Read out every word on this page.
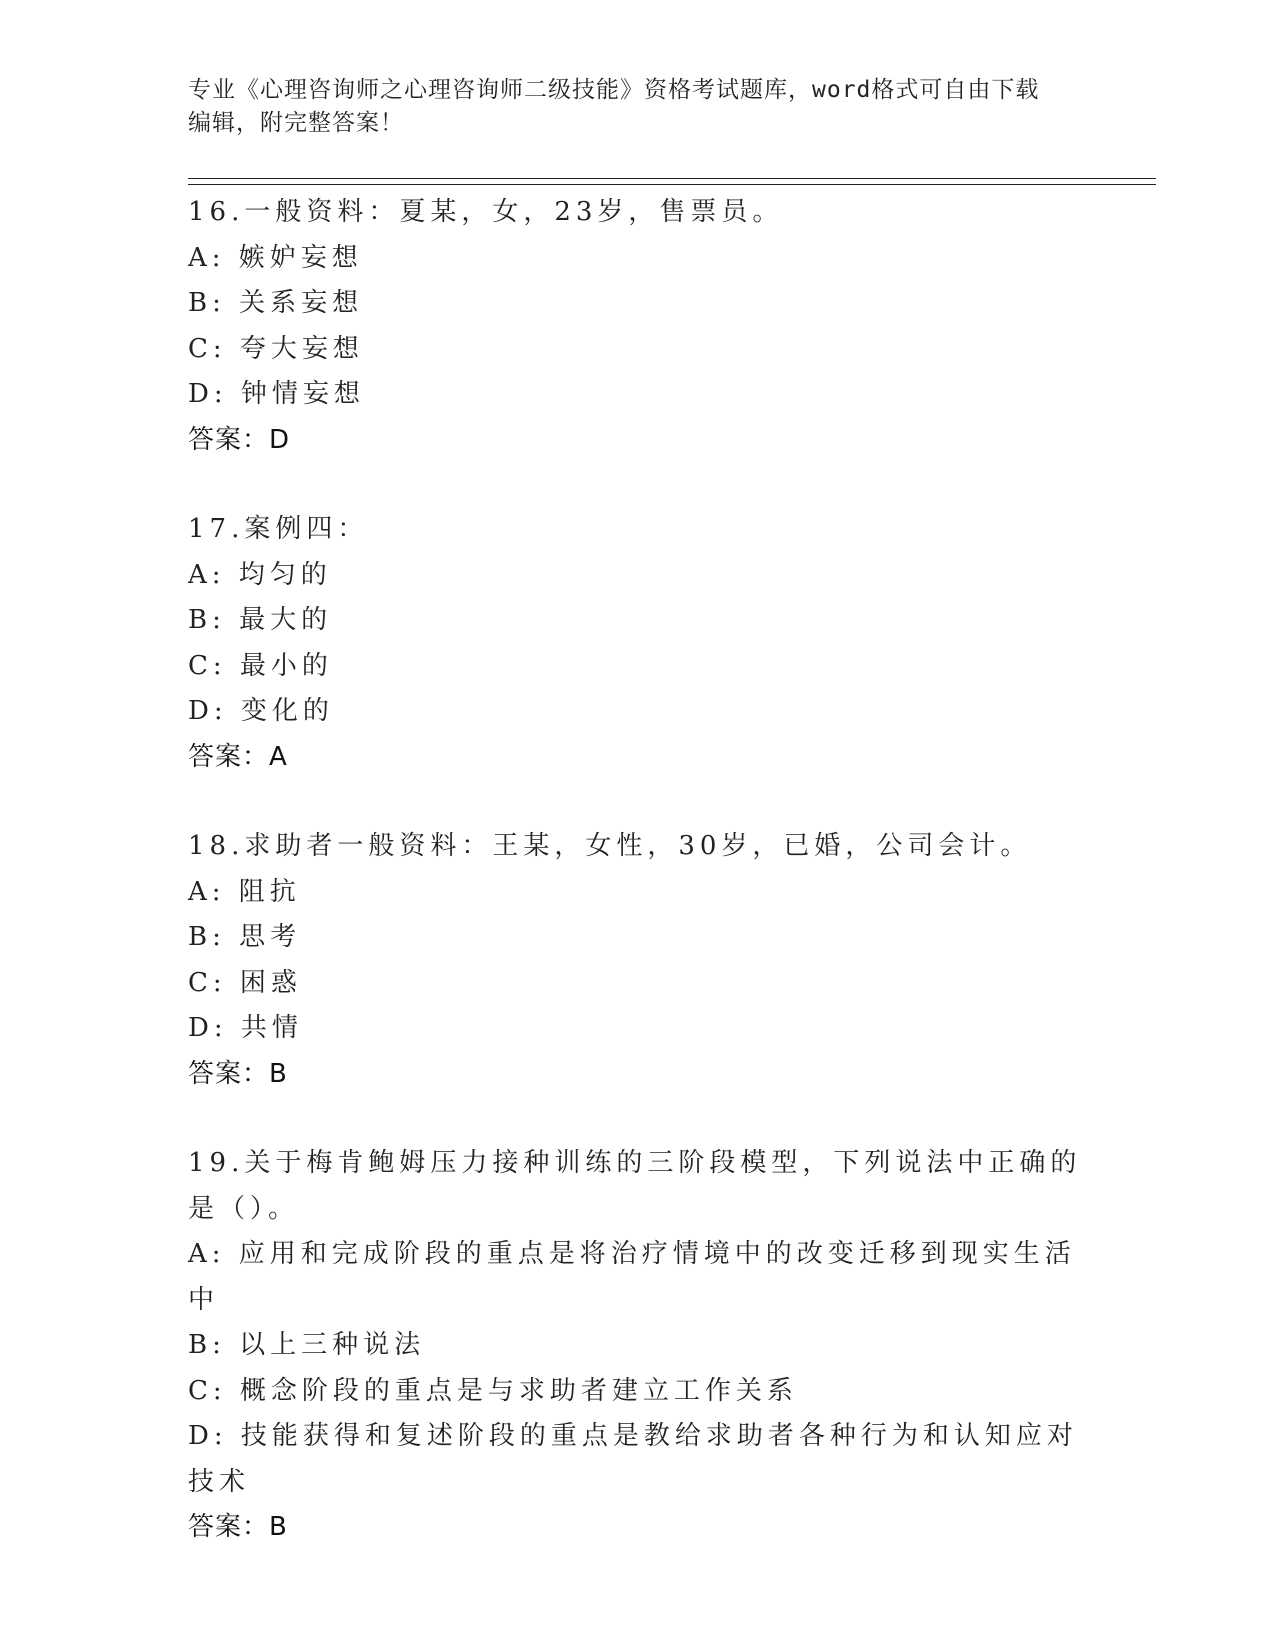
专业《心理咨询师之心理咨询师二级技能》资格考试题库，word格式可自由下载
编辑，附完整答案！
16.一般资料：夏某，女，23岁，售票员。
A: 嫉妒妄想
B: 关系妄想
C: 夸大妄想
D: 钟情妄想
答案：D
17.案例四：
A: 均匀的
B: 最大的
C: 最小的
D: 变化的
答案：A
18.求助者一般资料：王某，女性，30岁，已婚，公司会计。
A: 阻抗
B: 思考
C: 困惑
D: 共情
答案：B
19.关于梅肯鲍姆压力接种训练的三阶段模型，下列说法中正确的是（）。
A: 应用和完成阶段的重点是将治疗情境中的改变迁移到现实生活中
B: 以上三种说法
C: 概念阶段的重点是与求助者建立工作关系
D: 技能获得和复述阶段的重点是教给求助者各种行为和认知应对技术
答案：B
